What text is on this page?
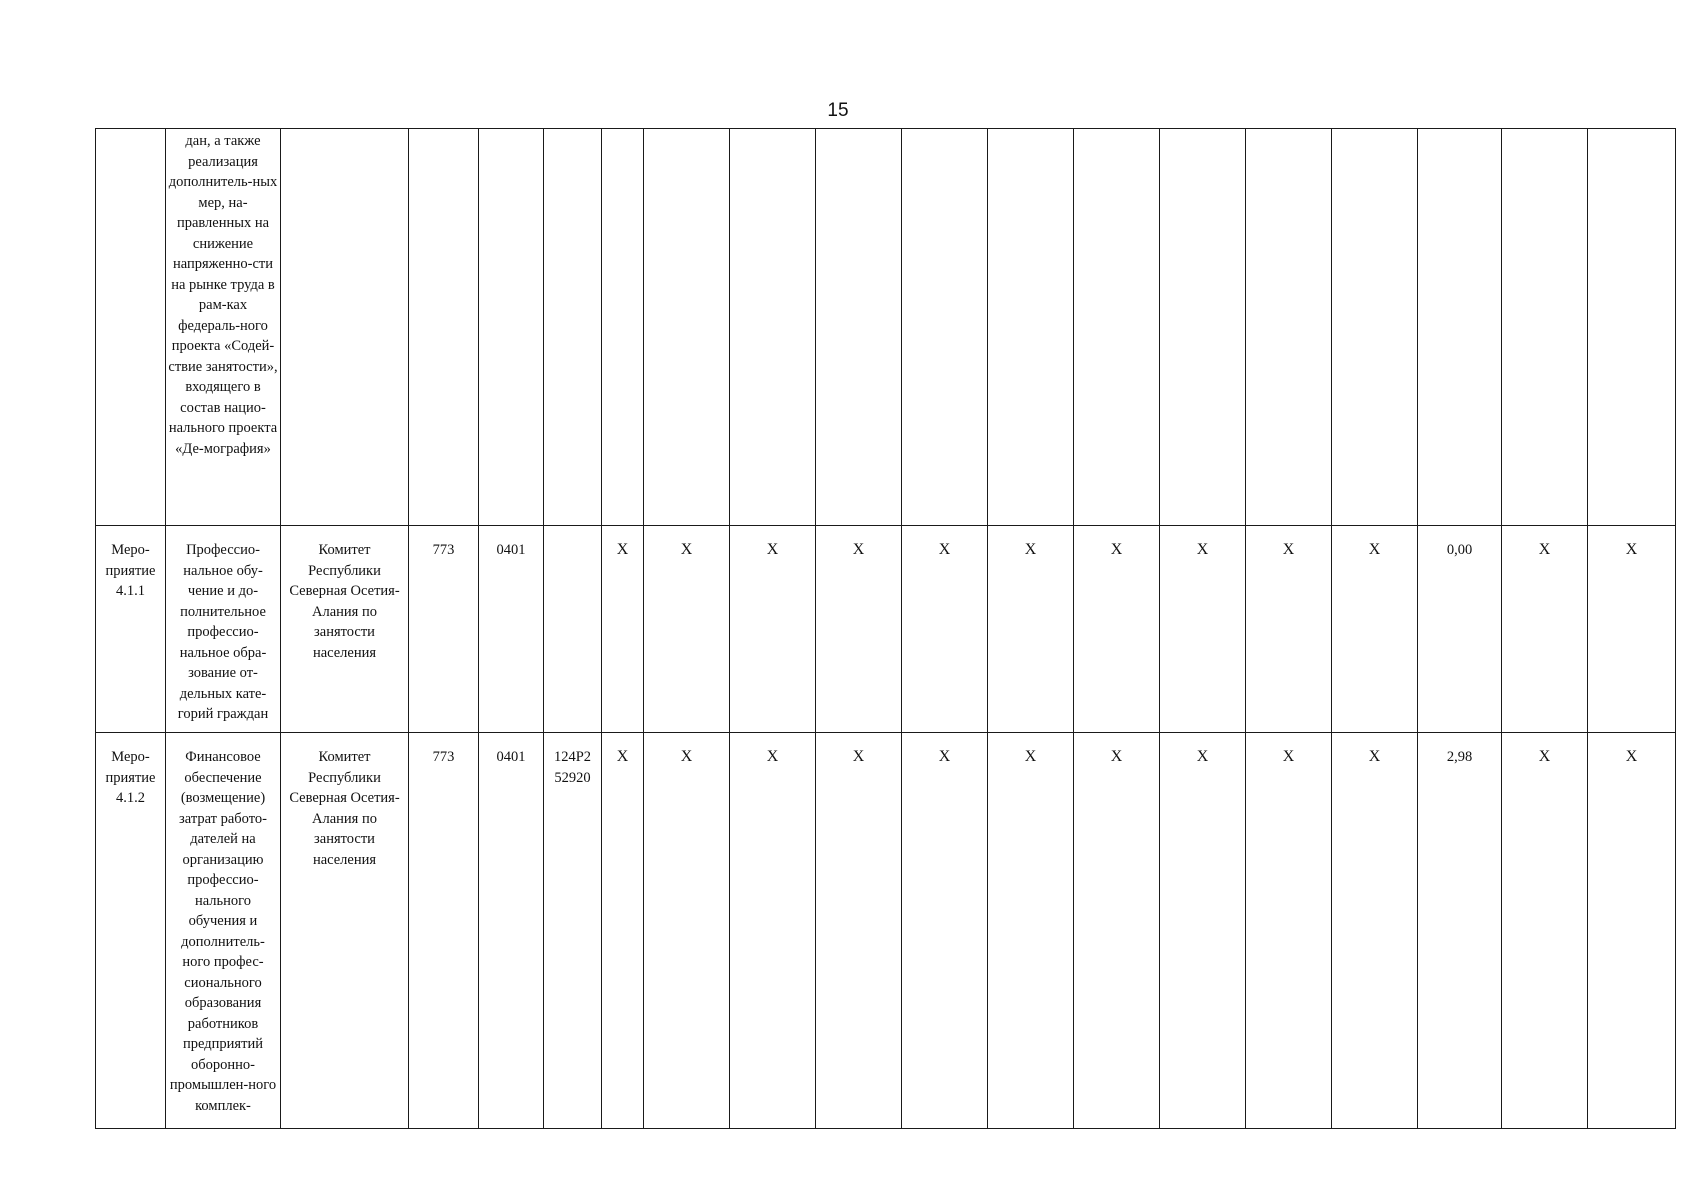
15
	дан, а также реализация дополнитель-ных мер, на-правленных на снижение напряженно-сти на рынке труда в рам-ках федераль-ного проекта «Содей-ствие занятости», входящего в состав нацио-нального проекта «Де-мография»																	
Меро-приятие 4.1.1	Профессио-нальное обу-чение и до-полнительное профессио-нальное обра-зование от-дельных кате-горий граждан	Комитет Республики Северная Осетия-Алания по занятости населения	773	0401		X	X	X	X	X	X	X	X	X	X	0,00	X	X
Меро-приятие 4.1.2	Финансовое обеспечение (возмещение) затрат работо-дателей на организацию профессио-нального обучения и дополнитель-ного профес-сионального образования работников предприятий оборонно-промышлен-ного комплек-	Комитет Республики Северная Осетия-Алания по занятости населения	773	0401	124Р2 52920	X	X	X	X	X	X	X	X	X	X	2,98	X	X
